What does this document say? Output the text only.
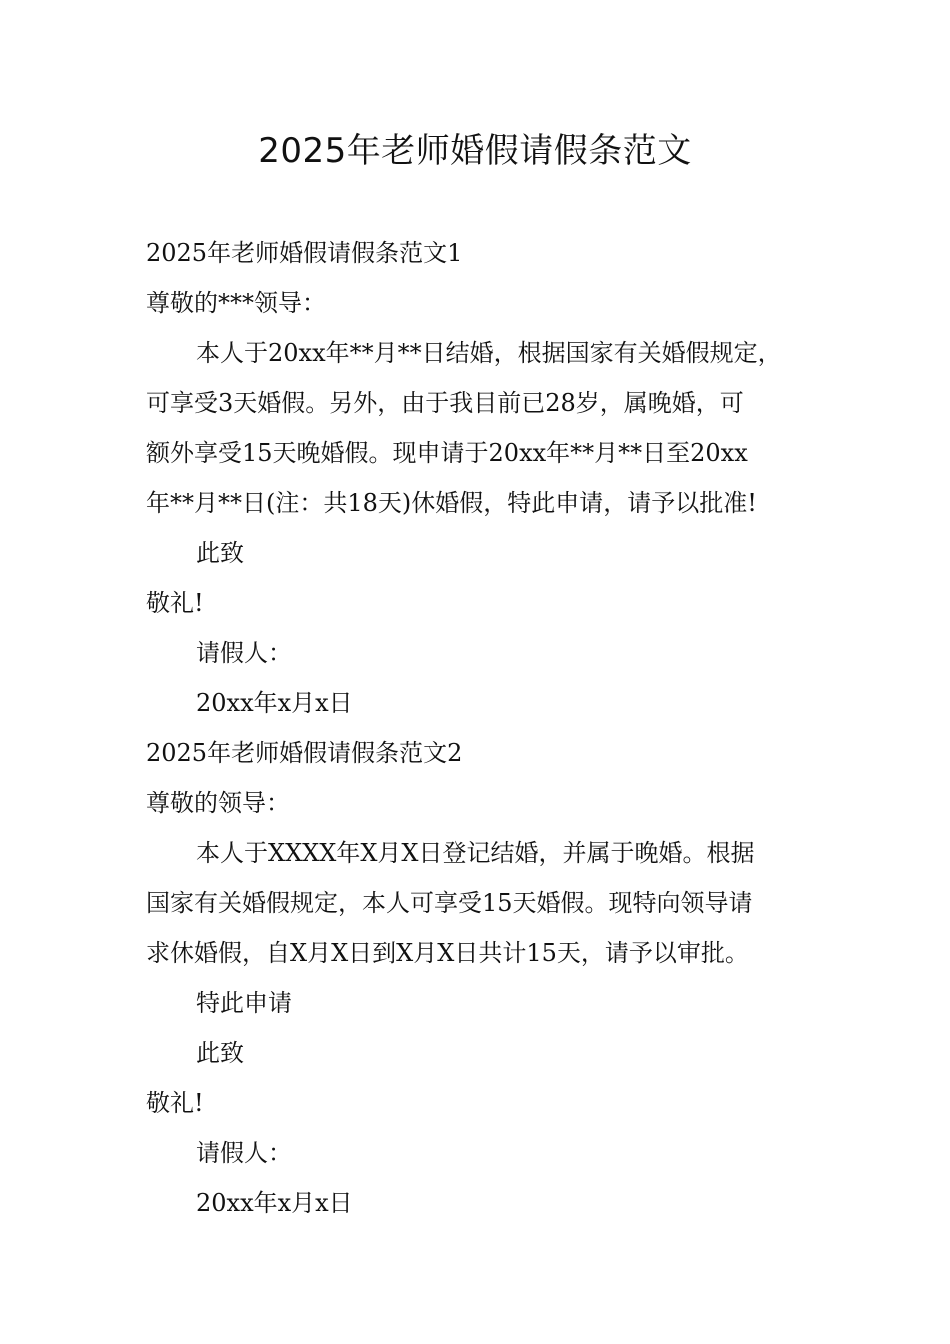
2025年老师婚假请假条范文
2025年老师婚假请假条范文1
尊敬的***领导：
本人于20xx年**月**日结婚，根据国家有关婚假规定，
可享受3天婚假。另外，由于我目前已28岁，属晚婚，可
额外享受15天晚婚假。现申请于20xx年**月**日至20xx
年**月**日(注：共18天)休婚假，特此申请，请予以批准!
此致
敬礼!
请假人：
20xx年x月x日
2025年老师婚假请假条范文2
尊敬的领导：
本人于XXXX年X月X日登记结婚，并属于晚婚。根据
国家有关婚假规定，本人可享受15天婚假。现特向领导请
求休婚假，自X月X日到X月X日共计15天，请予以审批。
特此申请
此致
敬礼!
请假人：
20xx年x月x日
